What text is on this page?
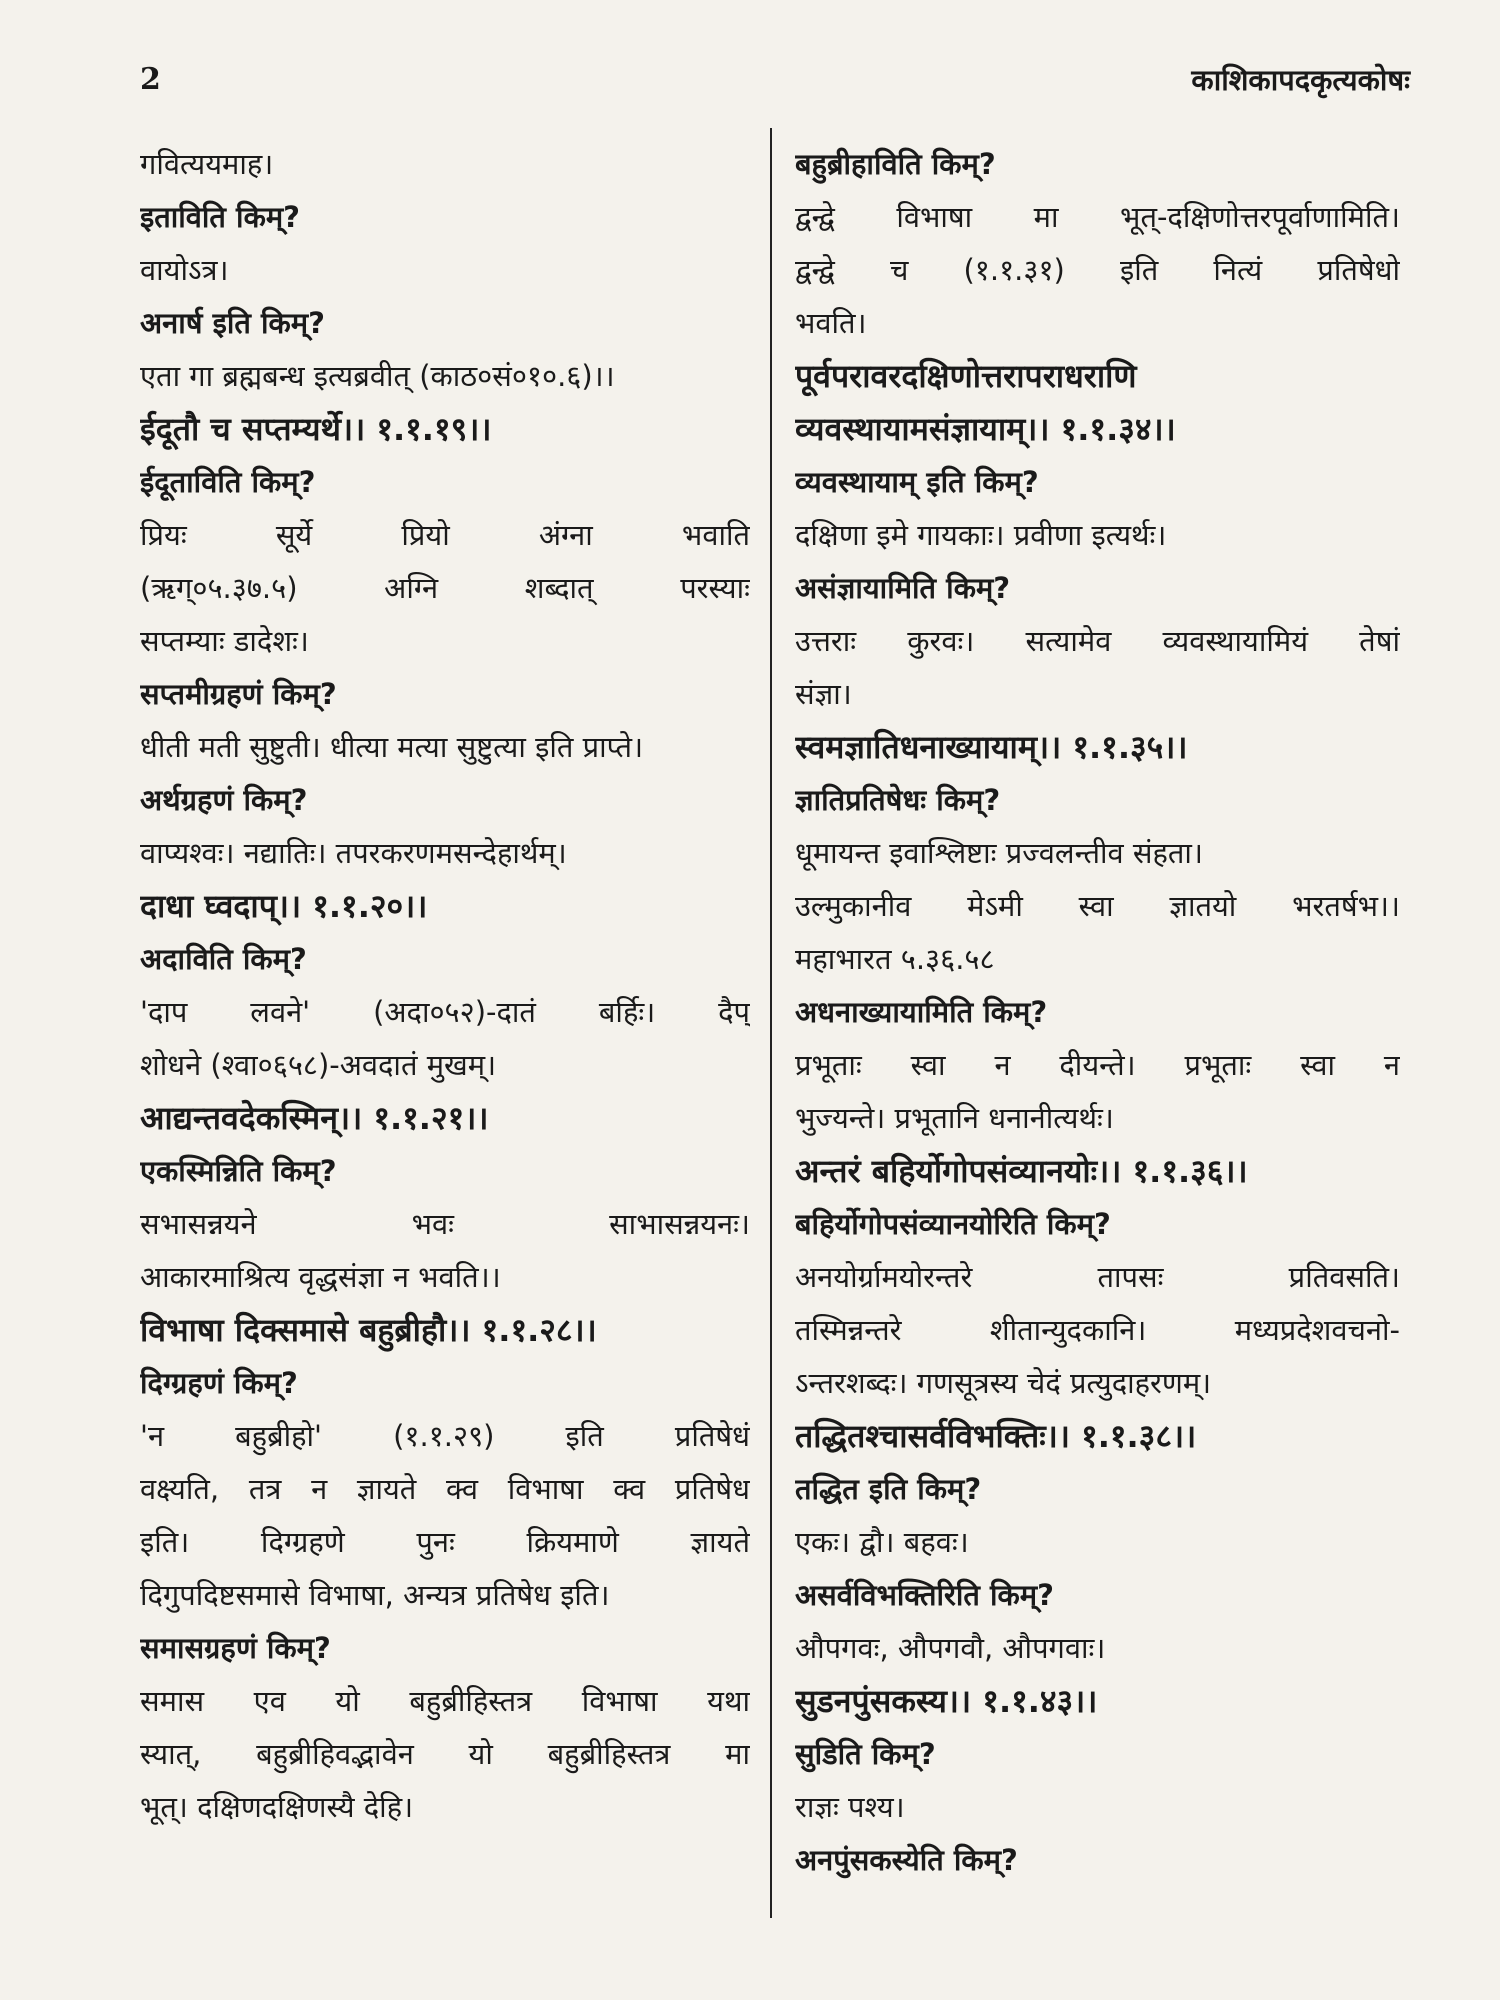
2	काशिकापदकृत्यकोषः
गवित्ययमाह।
इताविति किम्?
वायोऽत्र।
अनार्ष इति किम्?
एता गा ब्रह्मबन्ध इत्यब्रवीत् (काठ०सं०१०.६)।।
ईदूतौ च सप्तम्यर्थे।। १.१.१९।।
ईदूताविति किम्?
प्रियः सूर्ये प्रियो अंग्ना भवाति
(ऋग्०५.३७.५) अग्नि शब्दात् परस्याः
सप्तम्याः डादेशः।
सप्तमीग्रहणं किम्?
धीती मती सुष्टुती। धीत्या मत्या सुष्टुत्या इति प्राप्ते।
अर्थग्रहणं किम्?
वाप्यश्वः। नद्यातिः। तपरकरणमसन्देहार्थम्।
दाधा घ्वदाप्।। १.१.२०।।
अदाविति किम्?
'दाप लवने' (अदा०५२)-दातं बर्हिः। दैप्
शोधने (श्वा०६५८)-अवदातं मुखम्।
आद्यन्तवदेकस्मिन्।। १.१.२१।।
एकस्मिन्निति किम्?
सभासन्नयने भवः साभासन्नयनः।
आकारमाश्रित्य वृद्धसंज्ञा न भवति।।
विभाषा दिक्समासे बहुब्रीहौ।। १.१.२८।।
दिग्ग्रहणं किम्?
'न बहुब्रीहो' (१.१.२९) इति प्रतिषेधं
वक्ष्यति, तत्र न ज्ञायते क्व विभाषा क्व प्रतिषेध
इति। दिग्ग्रहणे पुनः क्रियमाणे ज्ञायते
दिगुपदिष्टसमासे विभाषा, अन्यत्र प्रतिषेध इति।
समासग्रहणं किम्?
समास एव यो बहुब्रीहिस्तत्र विभाषा यथा
स्यात्, बहुब्रीहिवद्भावेन यो बहुब्रीहिस्तत्र मा
भूत्। दक्षिणदक्षिणस्यै देहि।
बहुब्रीहाविति किम्?
द्वन्द्वे विभाषा मा भूत्-दक्षिणोत्तरपूर्वाणामिति।
द्वन्द्वे च (१.१.३१) इति नित्यं प्रतिषेधो
भवति।
पूर्वपरावरदक्षिणोत्तरापराधराणि
व्यवस्थायामसंज्ञायाम्।। १.१.३४।।
व्यवस्थायाम् इति किम्?
दक्षिणा इमे गायकाः। प्रवीणा इत्यर्थः।
असंज्ञायामिति किम्?
उत्तराः कुरवः। सत्यामेव व्यवस्थायामियं तेषां
संज्ञा।
स्वमज्ञातिधनाख्यायाम्।। १.१.३५।।
ज्ञातिप्रतिषेधः किम्?
धूमायन्त इवाश्लिष्टाः प्रज्वलन्तीव संहता।
उल्मुकानीव मेऽमी स्वा ज्ञातयो भरतर्षभ।।
महाभारत ५.३६.५८
अधनाख्यायामिति किम्?
प्रभूताः स्वा न दीयन्ते। प्रभूताः स्वा न
भुज्यन्ते। प्रभूतानि धनानीत्यर्थः।
अन्तरं बहिर्योगोपसंव्यानयोः।। १.१.३६।।
बहिर्योगोपसंव्यानयोरिति किम्?
अनयोर्ग्रामयोरन्तरे तापसः प्रतिवसति।
तस्मिन्नन्तरे शीतान्युदकानि। मध्यप्रदेशवचनो-
ऽन्तरशब्दः। गणसूत्रस्य चेदं प्रत्युदाहरणम्।
तद्धितश्चासर्वविभक्तिः।। १.१.३८।।
तद्धित इति किम्?
एकः। द्वौ। बहवः।
असर्वविभक्तिरिति किम्?
औपगवः, औपगवौ, औपगवाः।
सुडनपुंसकस्य।। १.१.४३।।
सुडिति किम्?
राज्ञः पश्य।
अनपुंसकस्येति किम्?
